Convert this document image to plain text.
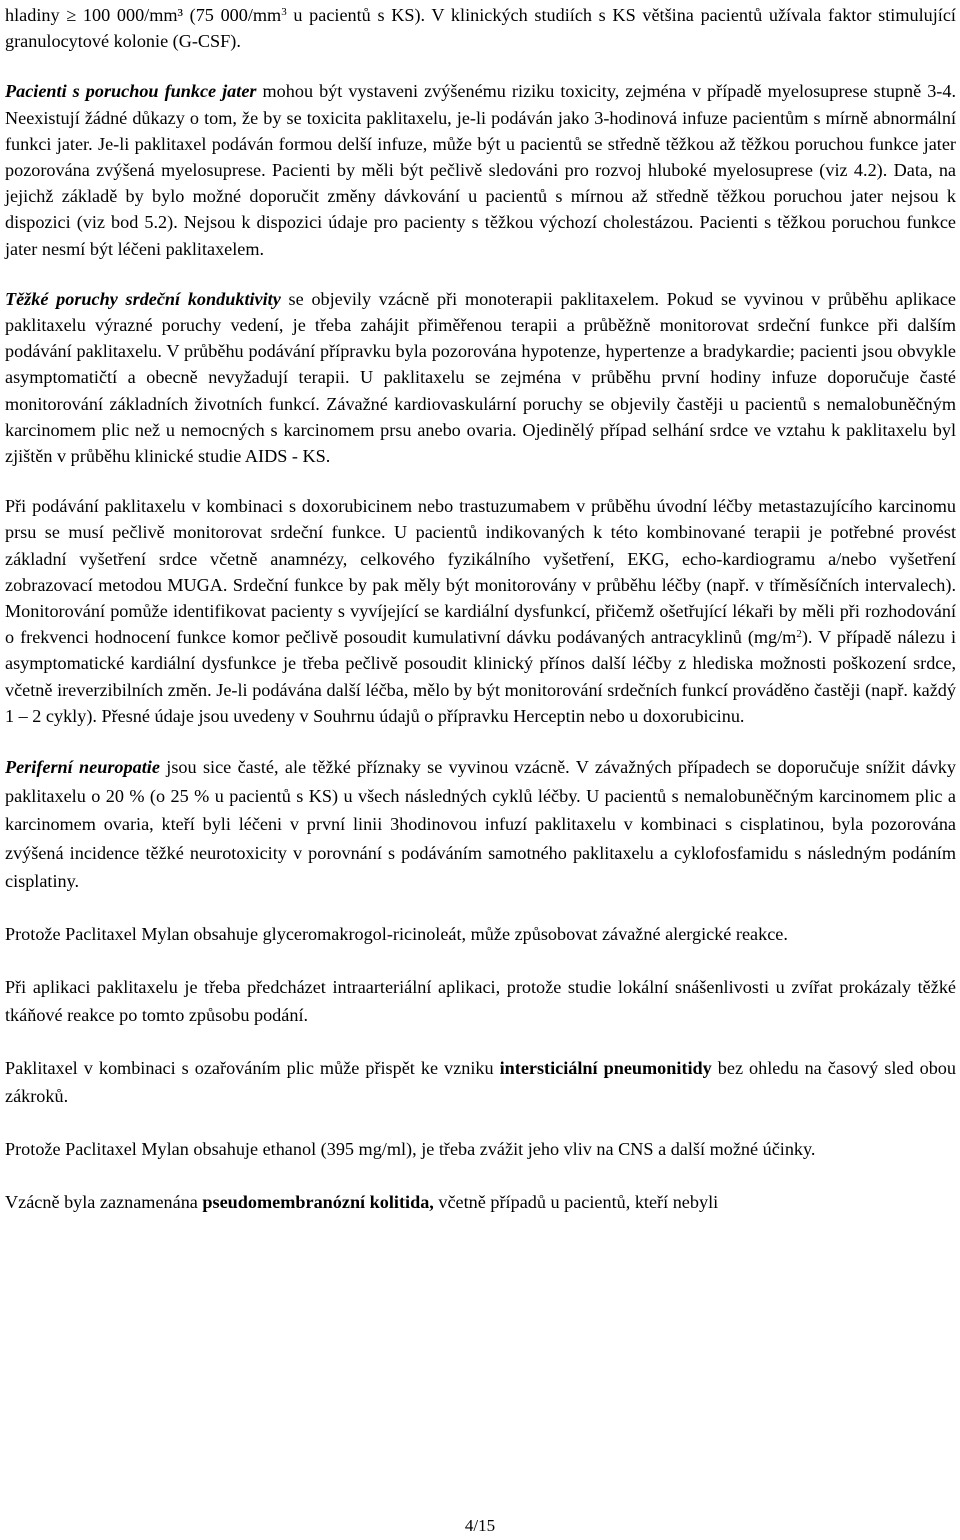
hladiny ≥ 100 000/mm³ (75 $000/mm^3$ u pacientů s KS). V klinických studiích s KS většina pacientů užívala faktor stimulující granulocytové kolonie (G-CSF).

Pacienti s poruchou funkce jater mohou být vystaveni zvýšenému riziku toxicity, zejména v případě myelosuprese stupně 3-4. Neexistují žádné důkazy o tom, že by se toxicita paklitaxelu, je-li podáván jako 3-hodinová infuze pacientům s mírně abnormální funkci jater. Je-li paklitaxel podáván formou delší infuze, může být u pacientů se středně těžkou až těžkou poruchou funkce jater pozorována zvýšená myelosuprese. Pacienti by měli být pečlivě sledováni pro rozvoj hluboké myelosuprese (viz 4.2). Data, na jejichž základě by bylo možné doporučit změny dávkování u pacientů s mírnou až středně těžkou poruchou jater nejsou k dispozici (viz bod 5.2). Nejsou k dispozici údaje pro pacienty s těžkou výchozí cholestázou. Pacienti s těžkou poruchou funkce jater nesmí být léčeni paklitaxelem.

Těžké poruchy srdeční konduktivity se objevily vzácně při monoterapii paklitaxelem. Pokud se vyvinou v průběhu aplikace paklitaxelu výrazné poruchy vedení, je třeba zahájit přiměřenou terapii a průběžně monitorovat srdeční funkce při dalším podávání paklitaxelu. V průběhu podávání přípravku byla pozorována hypotenze, hypertenze a bradykardie; pacienti jsou obvykle asymptomatičtí a obecně nevyžadují terapii. U paklitaxelu se zejména v průběhu první hodiny infuze doporučuje časté monitorování základních životních funkcí. Závažné kardiovaskulární poruchy se objevily častěji u pacientů s nemalobuněčným karcinomem plic než u nemocných s karcinomem prsu anebo ovaria. Ojedinělý případ selhání srdce ve vztahu k paklitaxelu byl zjištěn v průběhu klinické studie AIDS - KS.

Při podávání paklitaxelu v kombinaci s doxorubicinem nebo trastuzumabem v průběhu úvodní léčby metastazujícího karcinomu prsu se musí pečlivě monitorovat srdeční funkce. U pacientů indikovaných k této kombinované terapii je potřebné provést základní vyšetření srdce včetně anamnézy, celkového fyzikálního vyšetření, EKG, echo-kardiogramu a/nebo vyšetření zobrazovací metodou MUGA. Srdeční funkce by pak měly být monitorovány v průběhu léčby (např. v tříměsíčních intervalech). Monitorování pomůže identifikovat pacienty s vyvíjející se kardiální dysfunkcí, přičemž ošetřující lékaři by měli při rozhodování o frekvenci hodnocení funkce komor pečlivě posoudit kumulativní dávku podávaných antracyklinů $(mg/m^2)$. V případě nálezu i asymptomatické kardiální dysfunkce je třeba pečlivě posoudit klinický přínos další léčby z hlediska možnosti poškození srdce, včetně ireverzibilních změn. Je-li podávána další léčba, mělo by být monitorování srdečních funkcí prováděno častěji (např. každý 1 – 2 cykly). Přesné údaje jsou uvedeny v Souhrnu údajů o přípravku Herceptin nebo u doxorubicinu.

Periferní neuropatie jsou sice časté, ale těžké příznaky se vyvinou vzácně. V závažných případech se doporučuje snížit dávky paklitaxelu o 20 % (o 25 % u pacientů s KS) u všech následných cyklů léčby. U pacientů s nemalobuněčným karcinomem plic a karcinomem ovaria, kteří byli léčeni v první linii 3hodinovou infuzí paklitaxelu v kombinaci s cisplatinou, byla pozorována zvýšená incidence těžké neurotoxicity v porovnání s podáváním samotného paklitaxelu a cyklofosfamidu s následným podáním cisplatiny.

Protože Paclitaxel Mylan obsahuje glyceromakrogol-ricinoleát, může způsobovat závažné alergické reakce.

Při aplikaci paklitaxelu je třeba předcházet intraarteriální aplikaci, protože studie lokální snášenlivosti u zvířat prokázaly těžké tkáňové reakce po tomto způsobu podání.

Paklitaxel v kombinaci s ozařováním plic může přispět ke vzniku intersticiální pneumonitidy bez ohledu na časový sled obou zákroků.

Protože Paclitaxel Mylan obsahuje ethanol (395 mg/ml), je třeba zvážit jeho vliv na CNS a další možné účinky.

Vzácně byla zaznamenána pseudomembranózní kolitida, včetně případů u pacientů, kteří nebyli

4/15
